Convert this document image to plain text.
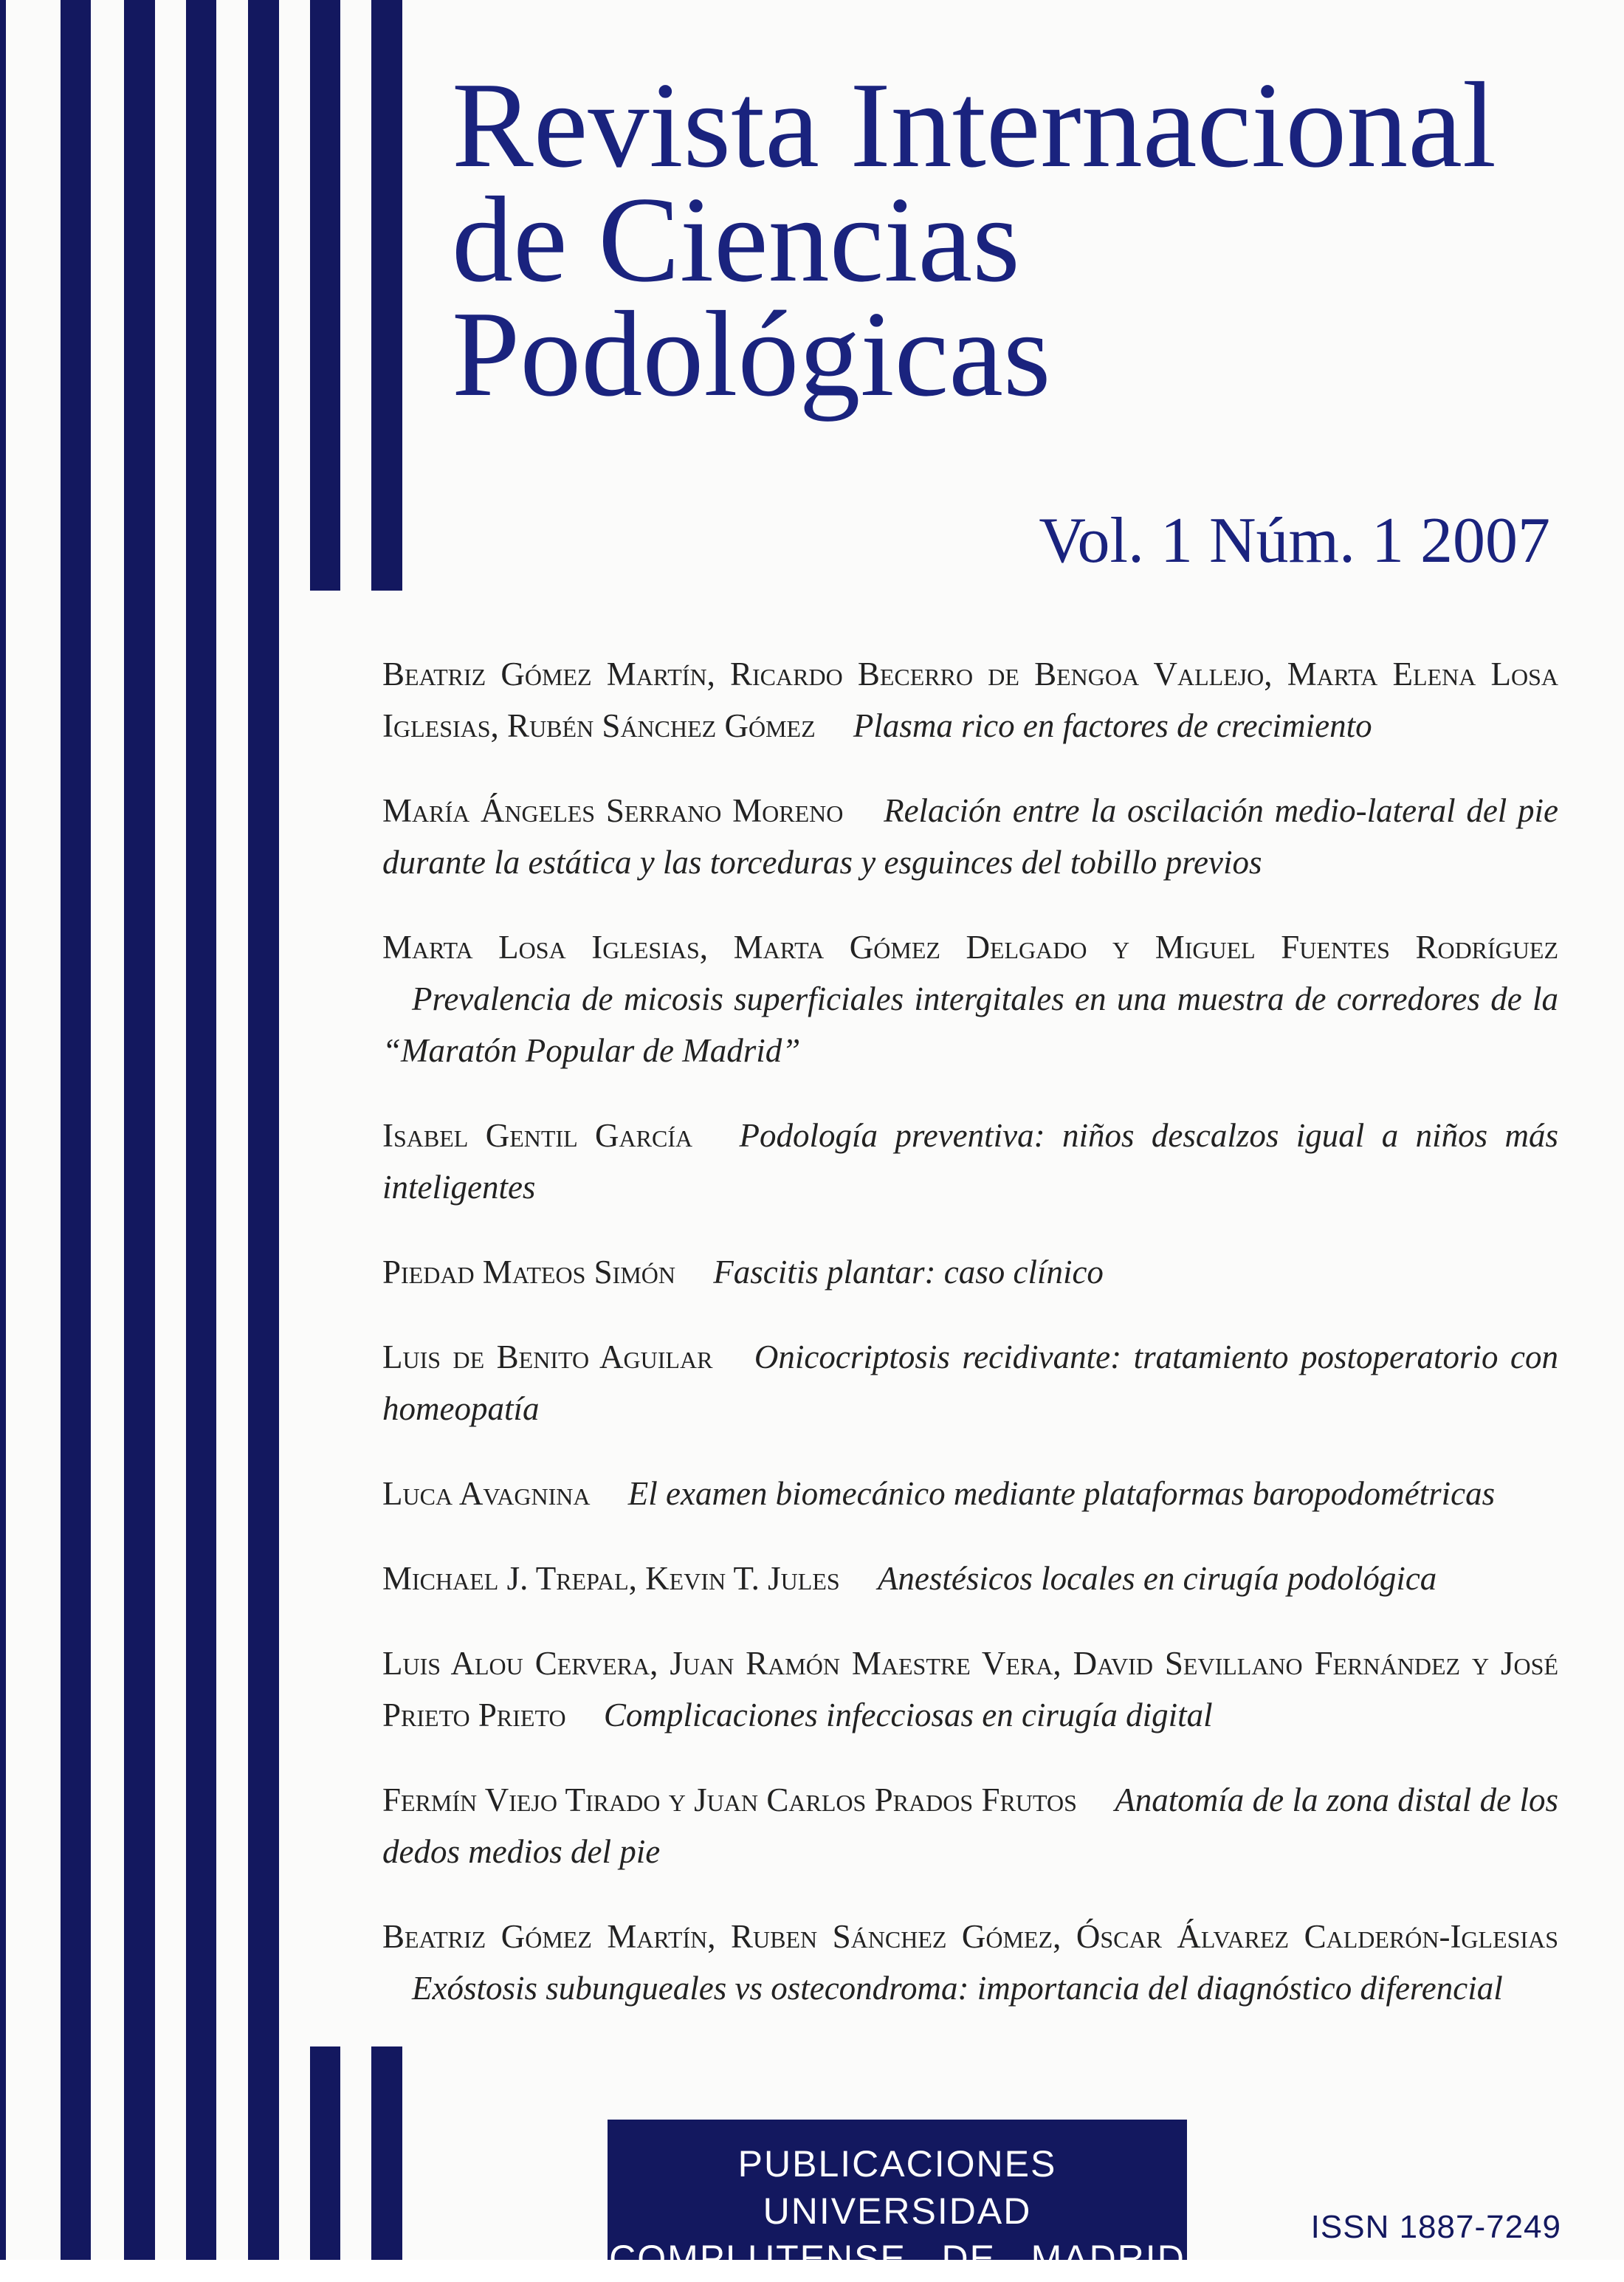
Revista Internacional
de Ciencias
Podológicas
Vol. 1 Núm. 1 2007
Beatriz Gómez Martín, Ricardo Becerro de Bengoa Vallejo, Marta Elena Losa Iglesias, Rubén Sánchez Gómez Plasma rico en factores de crecimiento
María Ángeles Serrano Moreno Relación entre la oscilación medio-lateral del pie durante la estática y las torceduras y esguinces del tobillo previos
Marta Losa Iglesias, Marta Gómez Delgado y Miguel Fuentes Rodríguez Prevalencia de micosis superficiales intergitales en una muestra de corredores de la “Maratón Popular de Madrid”
Isabel Gentil García Podología preventiva: niños descalzos igual a niños más inteligentes
Piedad Mateos Simón Fascitis plantar: caso clínico
Luis de Benito Aguilar Onicocriptosis recidivante: tratamiento postoperatorio con homeopatía
Luca Avagnina El examen biomecánico mediante plataformas baropodométricas
Michael J. Trepal, Kevin T. Jules Anestésicos locales en cirugía podológica
Luis Alou Cervera, Juan Ramón Maestre Vera, David Sevillano Fernández y José Prieto Prieto Complicaciones infecciosas en cirugía digital
Fermín Viejo Tirado y Juan Carlos Prados Frutos Anatomía de la zona distal de los dedos medios del pie
Beatriz Gómez Martín, Ruben Sánchez Gómez, Óscar Álvarez Calderón-Iglesias Exóstosis subungueales vs ostecondroma: importancia del diagnóstico diferencial
PUBLICACIONES UNIVERSIDAD
COMPLUTENSE   DE   MADRID
ISSN 1887-7249
